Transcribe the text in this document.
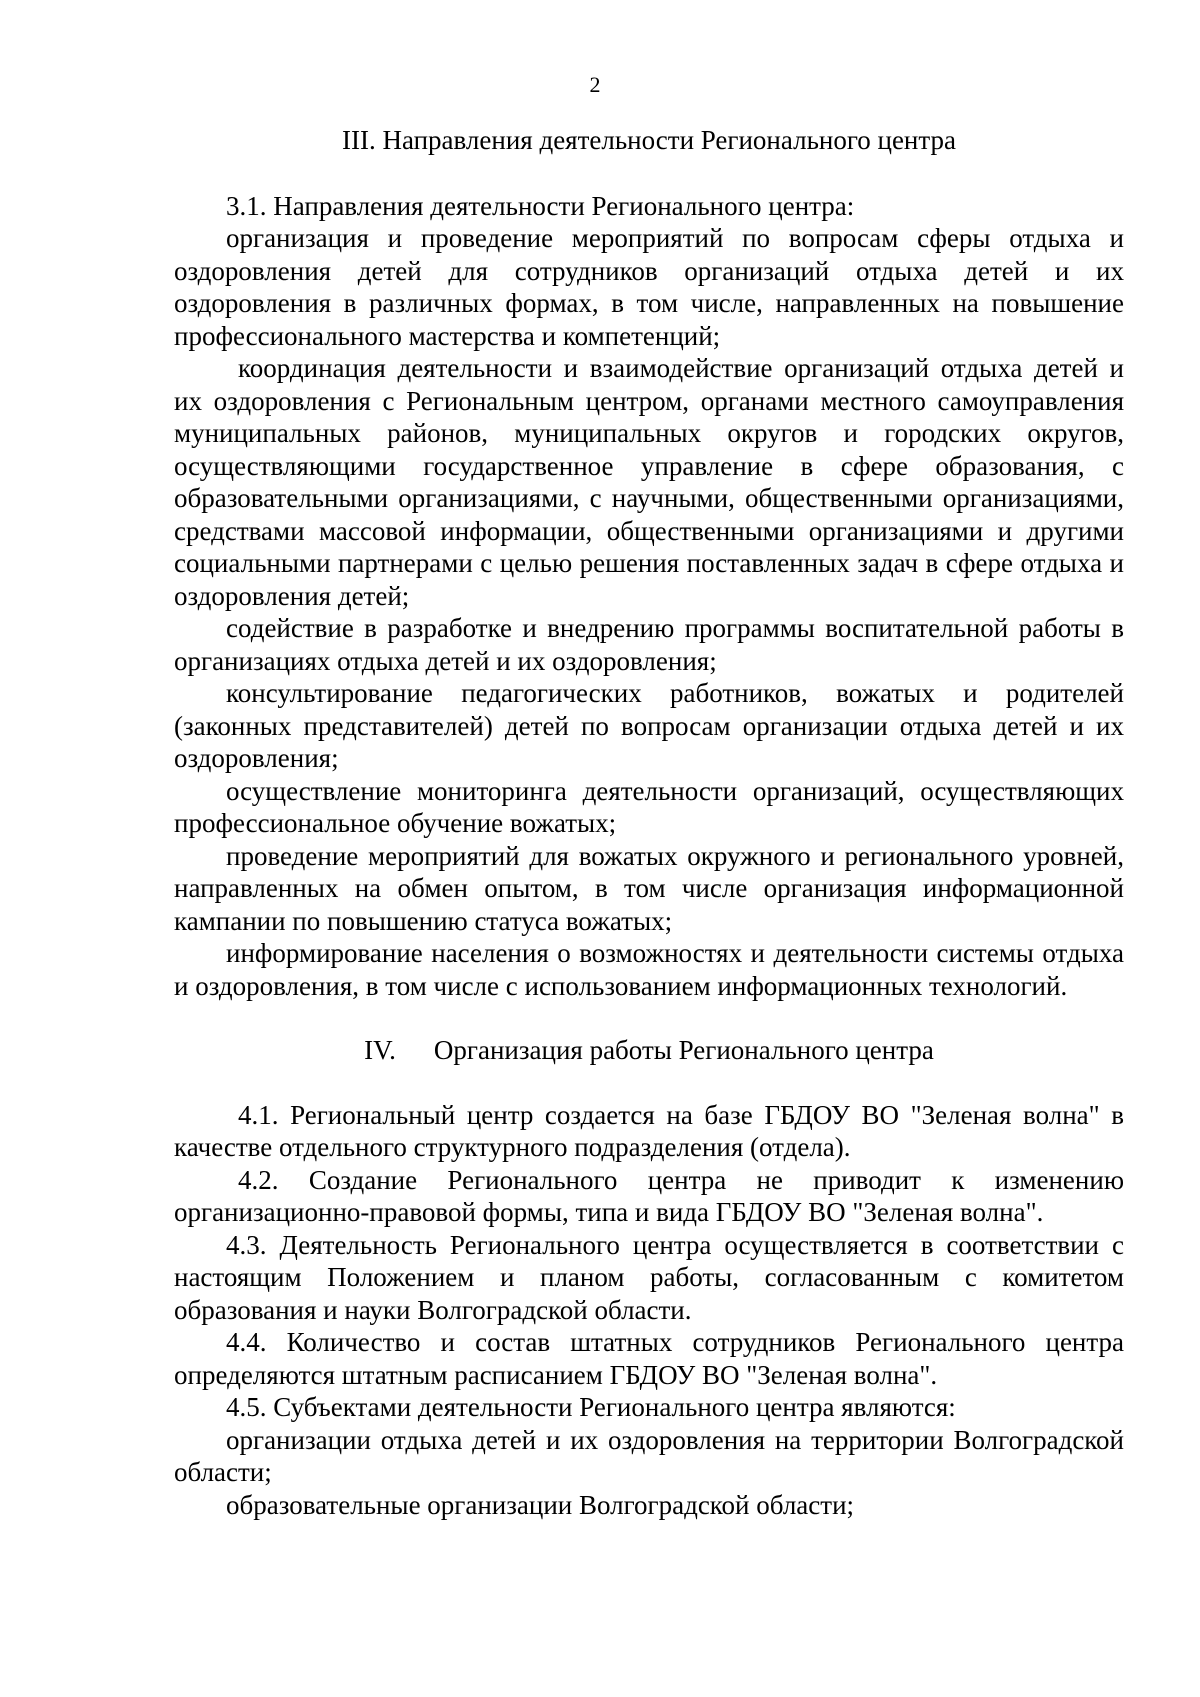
2
III. Направления деятельности Регионального центра

3.1. Направления деятельности Регионального центра:

организация и проведение мероприятий по вопросам сферы отдыха и оздоровления детей для сотрудников организаций отдыха детей и их оздоровления в различных формах, в том числе, направленных на повышение профессионального мастерства и компетенций;

координация деятельности и взаимодействие организаций отдыха детей и их оздоровления с Региональным центром, органами местного самоуправления муниципальных районов, муниципальных округов и городских округов, осуществляющими государственное управление в сфере образования, с образовательными организациями, с научными, общественными организациями, средствами массовой информации, общественными организациями и другими социальными партнерами с целью решения поставленных задач в сфере отдыха и оздоровления детей;

содействие в разработке и внедрению программы воспитательной работы в организациях отдыха детей и их оздоровления;

консультирование педагогических работников, вожатых и родителей (законных представителей) детей по вопросам организации отдыха детей и их оздоровления;

осуществление мониторинга деятельности организаций, осуществляющих профессиональное обучение вожатых;

проведение мероприятий для вожатых окружного и регионального уровней, направленных на обмен опытом, в том числе организация информационной кампании по повышению статуса вожатых;

информирование населения о возможностях и деятельности системы отдыха и оздоровления, в том числе с использованием информационных технологий.

IV. Организация работы Регионального центра

4.1. Региональный центр создается на базе ГБДОУ ВО "Зеленая волна" в качестве отдельного структурного подразделения (отдела).

4.2. Создание Регионального центра не приводит к изменению организационно-правовой формы, типа и вида ГБДОУ ВО "Зеленая волна".

4.3. Деятельность Регионального центра осуществляется в соответствии с настоящим Положением и планом работы, согласованным с комитетом образования и науки Волгоградской области.

4.4. Количество и состав штатных сотрудников Регионального центра определяются штатным расписанием ГБДОУ ВО "Зеленая волна".

4.5. Субъектами деятельности Регионального центра являются:

организации отдыха детей и их оздоровления на территории Волгоградской области;

образовательные организации Волгоградской области;
